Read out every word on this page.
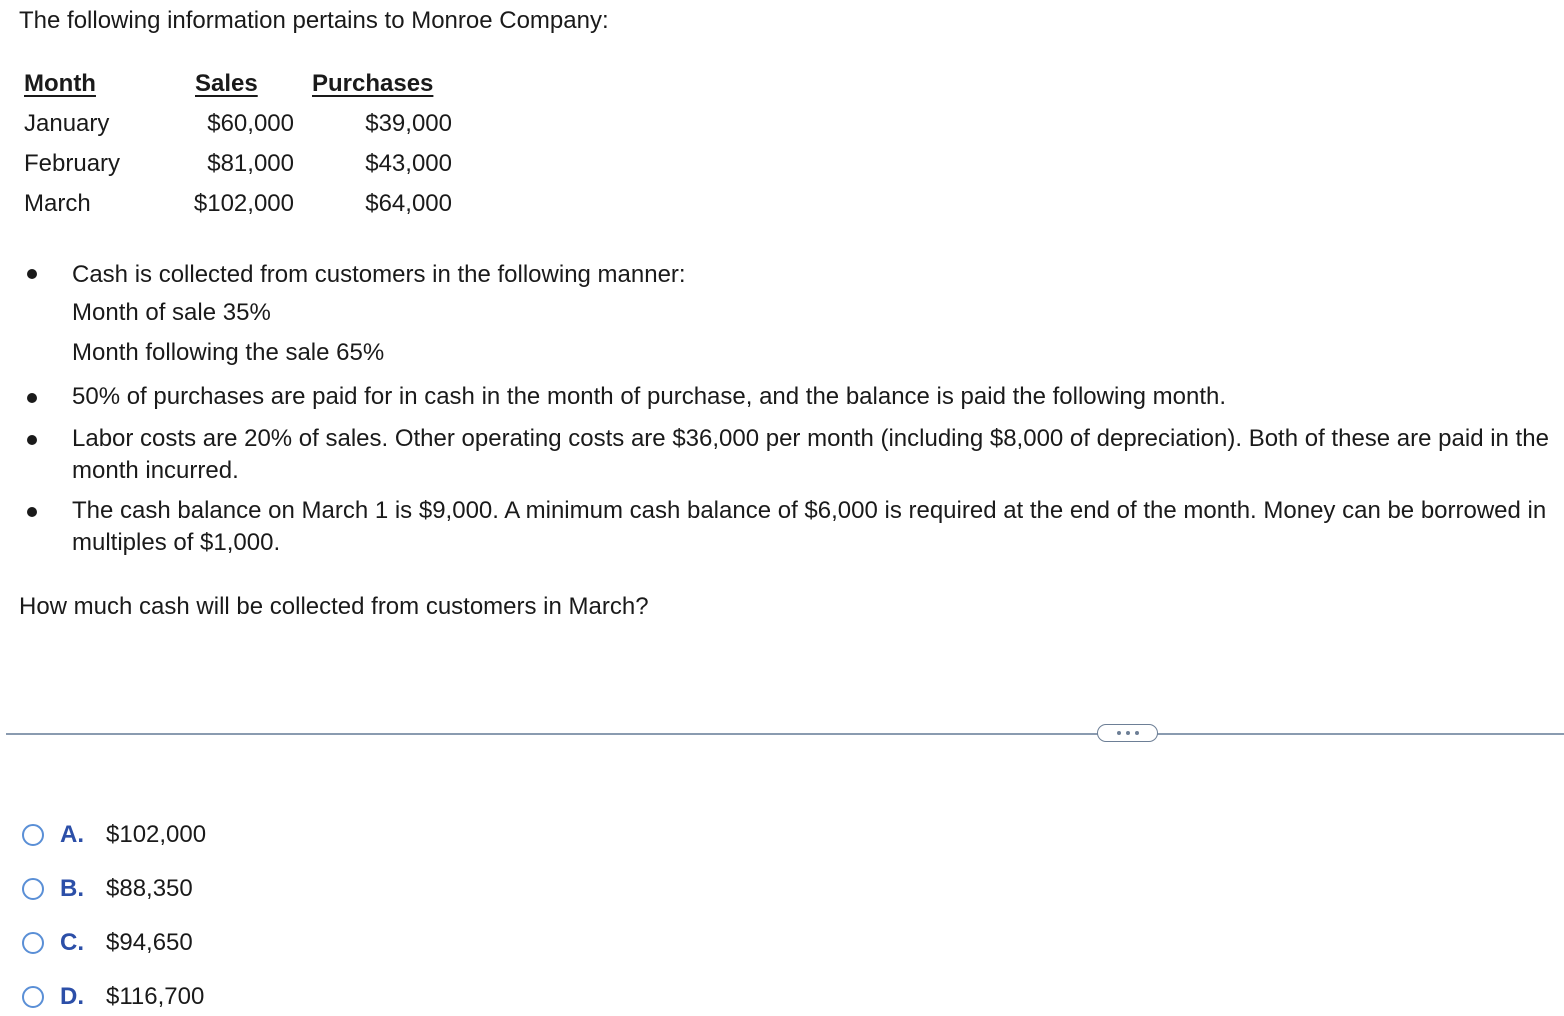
The following information pertains to Monroe Company:
Month	Sales Purchases
January	$60,000	$39,000
February	$81,000	$43,000
March	$102,000	$64,000
Cash is collected from customers in the following manner:
Month of sale 35%
Month following the sale 65%
50% of purchases are paid for in cash in the month of purchase, and the balance is paid the following month.
Labor costs are 20% of sales. Other operating costs are $36,000 per month (including $8,000 of depreciation). Both of these are paid in the month incurred.
The cash balance on March 1 is $9,000. A minimum cash balance of $6,000 is required at the end of the month. Money can be borrowed in multiples of $1,000.
How much cash will be collected from customers in March?
A. $102,000
B. $88,350
C. $94,650
D. $116,700
